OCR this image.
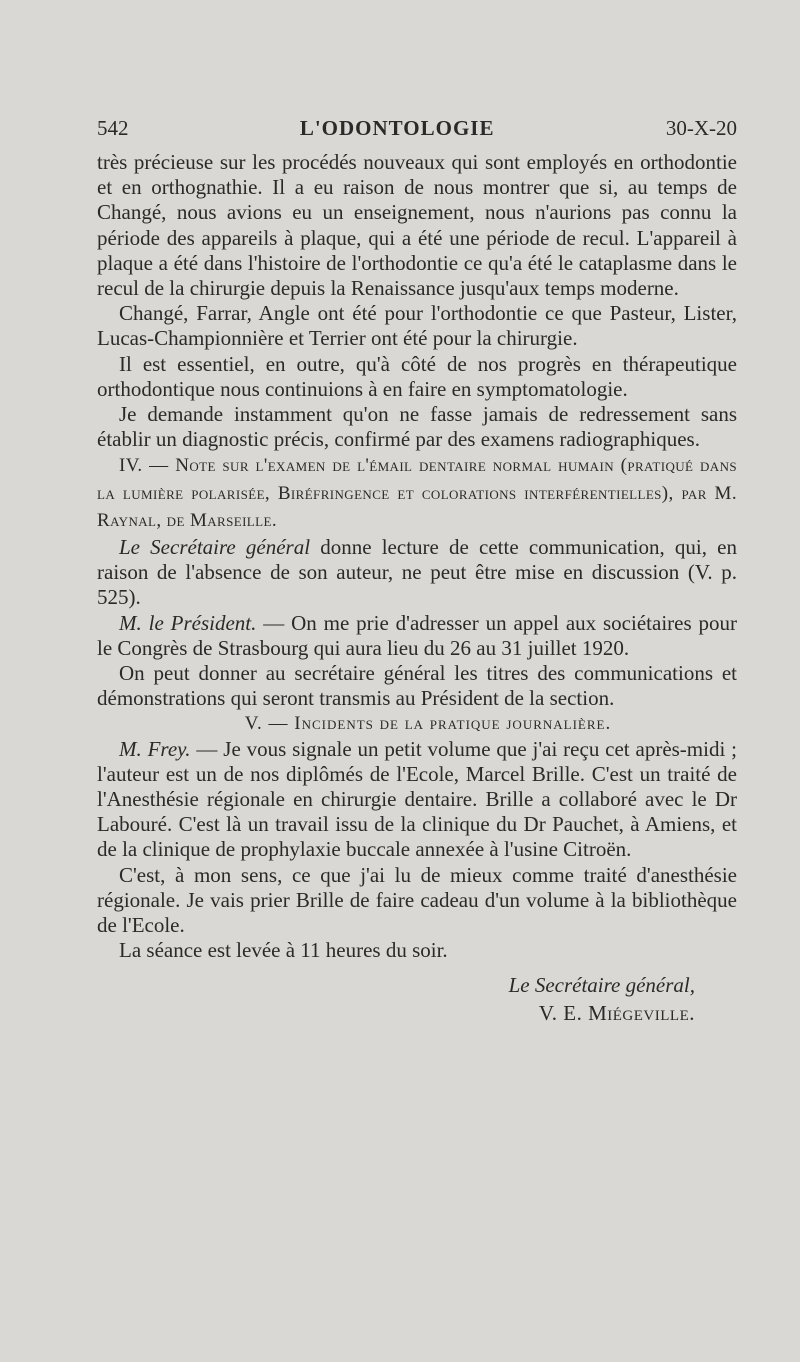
542	L'ODONTOLOGIE	30-X-20

très précieuse sur les procédés nouveaux qui sont employés en orthodontie et en orthognathie. Il a eu raison de nous montrer que si, au temps de Changé, nous avions eu un enseignement, nous n'aurions pas connu la période des appareils à plaque, qui a été une période de recul. L'appareil à plaque a été dans l'histoire de l'orthodontie ce qu'a été le cataplasme dans le recul de la chirurgie depuis la Renaissance jusqu'aux temps moderne.

Changé, Farrar, Angle ont été pour l'orthodontie ce que Pasteur, Lister, Lucas-Championnière et Terrier ont été pour la chirurgie.

Il est essentiel, en outre, qu'à côté de nos progrès en thérapeutique orthodontique nous continuions à en faire en symptomatologie.

Je demande instamment qu'on ne fasse jamais de redressement sans établir un diagnostic précis, confirmé par des examens radiographiques.

IV. — Note sur l'examen de l'émail dentaire normal humain (pratiqué dans la lumière polarisée, Biréfringence et colorations interférentielles), par M. Raynal, de Marseille.

Le Secrétaire général donne lecture de cette communication, qui, en raison de l'absence de son auteur, ne peut être mise en discussion (V. p. 525).

M. le Président. — On me prie d'adresser un appel aux sociétaires pour le Congrès de Strasbourg qui aura lieu du 26 au 31 juillet 1920.

On peut donner au secrétaire général les titres des communications et démonstrations qui seront transmis au Président de la section.

V. — Incidents de la pratique journalière.

M. Frey. — Je vous signale un petit volume que j'ai reçu cet après-midi ; l'auteur est un de nos diplômés de l'Ecole, Marcel Brille. C'est un traité de l'Anesthésie régionale en chirurgie dentaire. Brille a collaboré avec le Dr Labouré. C'est là un travail issu de la clinique du Dr Pauchet, à Amiens, et de la clinique de prophylaxie buccale annexée à l'usine Citroën.

C'est, à mon sens, ce que j'ai lu de mieux comme traité d'anesthésie régionale. Je vais prier Brille de faire cadeau d'un volume à la bibliothèque de l'Ecole.

La séance est levée à 11 heures du soir.

Le Secrétaire général,
V. E. Miégeville.
